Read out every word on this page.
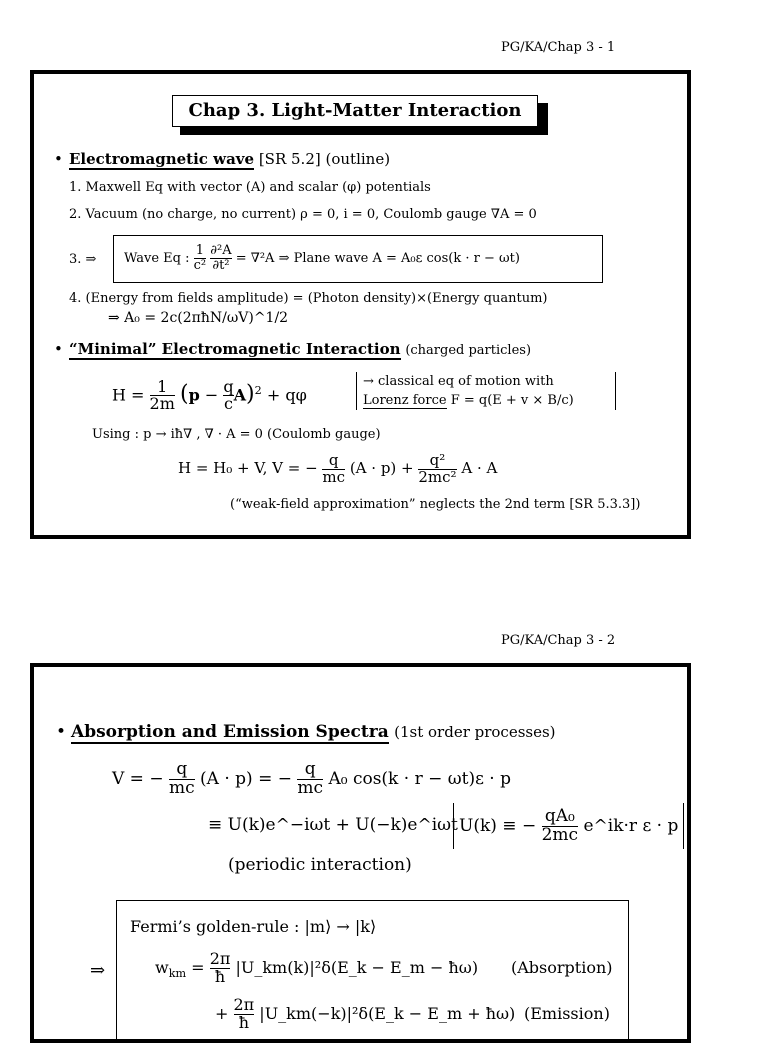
PG/KA/Chap 3 - 1
Chap 3. Light-Matter Interaction
• Electromagnetic wave [SR 5.2] (outline)
1. Maxwell Eq with vector (A) and scalar (φ) potentials
2. Vacuum (no charge, no current) ρ = 0, i = 0, Coulomb gauge ∇A = 0
3. ⇒	Wave Eq : $\frac{1}{\text{c²}}$
$\frac{\text{∂²A}}{\text{∂t²}} = \nabla^2A$ ⇒ Plane wave A = A₀ε cos(k · r − ωt)
4. (Energy from fields amplitude) = (Photon density)×(Energy quantum)
⇒ A₀ = 2c(2πħN/ωV)^1/2
• “Minimal” Electromagnetic Interaction (charged particles)
$H = \frac{1}{2m} (p - \frac{q}{c} A)^2 + q\varphi$
→ classical eq of motion with
Lorenz force F = q(E + v × B/c)
Using : p → iħ∇ , ∇ · A = 0 (Coulomb gauge)
H = H₀ + V, V = − $\frac{q}{mc} (A \cdot p) + \frac{\text{q²}}{\text{2mc²}}$ A · A
(“weak-field approximation” neglects the 2nd term [SR 5.3.3])
PG/KA/Chap 3 - 2
• Absorption and Emission Spectra (1st order processes)
V = − $\frac{q}{mc} (A \cdot p)$ = − $\frac{q}{mc} A_0$ cos(k · r − ωt)ε · p
≡ U(k)e^−iωt + U(−k)e^iωt U(k) ≡ − $\frac{\text{qA₀}}{2mc}$ e^ik·r ε · p
(periodic interaction)
⇒
Fermi’s golden-rule : |m⟩ → |k⟩
$w_{km} = \frac{2\pi}{ħ}$ |U_km(k)|²δ(E_k − E_m − ħω) (Absorption)
+ $\frac{2\pi}{ħ}$ |U_km(−k)|²δ(E_k − E_m + ħω) (Emission)
